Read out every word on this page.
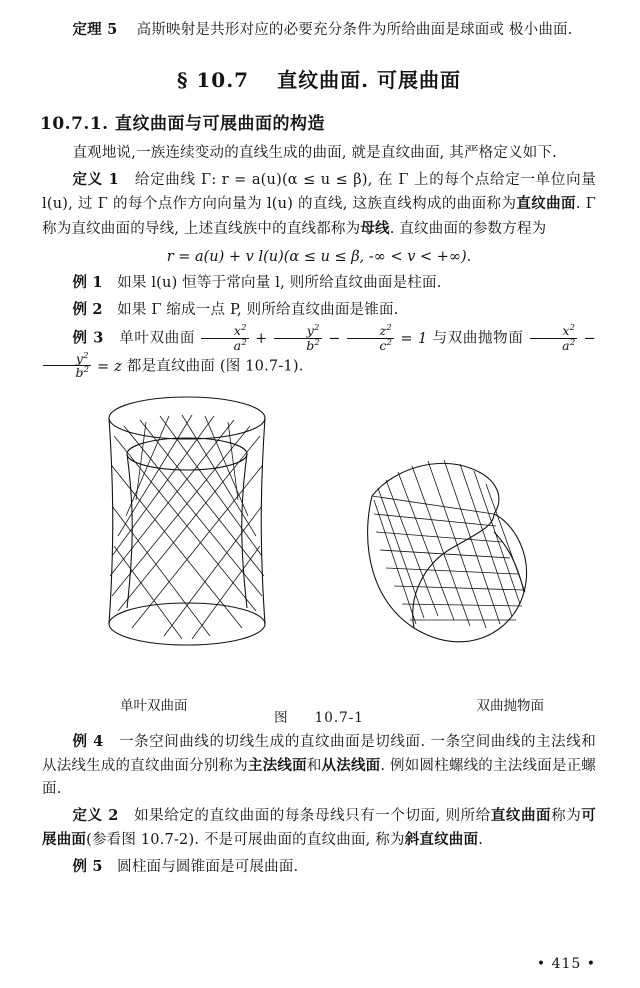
定理 5 高斯映射是共形对应的必要充分条件为所给曲面是球面或 极小曲面.

§ 10.7 直纹曲面. 可展曲面
10.7.1. 直纹曲面与可展曲面的构造

直观地说,一族连续变动的直线生成的曲面, 就是直纹曲面, 其严格定义如下.

定义 1 给定曲线 Γ: r = a(u)(α ≤ u ≤ β), 在 Γ 上的每个点给定一单位向量 l(u), 过 Γ 的每个点作方向向量为 l(u) 的直线, 这族直线构成的曲面称为直纹曲面. Γ 称为直纹曲面的导线, 上述直线族中的直线都称为母线. 直纹曲面的参数方程为

r = a(u) + v l(u)(α ≤ u ≤ β, -∞ < v < +∞).

例 1 如果 l(u) 恒等于常向量 l, 则所给直纹曲面是柱面.

例 2 如果 Γ 缩成一点 P, 则所给直纹曲面是锥面.

例 3 单叶双曲面 $\frac{x^2}{a^2} + \frac{y^2}{b^2} - \frac{z^2}{c^2} = 1$ 与双曲抛物面 $\frac{x^2}{a^2}$ −
$\frac{y^2}{b^2} = z$ 都是直纹曲面 (图 10.7-1).

单叶双曲面	双曲抛物面
图 10.7-1

例 4 一条空间曲线的切线生成的直纹曲面是切线面. 一条空间曲线的主法线和从法线生成的直纹曲面分别称为主法线面和从法线面. 例如圆柱螺线的主法线面是正螺面.

定义 2 如果给定的直纹曲面的每条母线只有一个切面, 则所给直纹曲面称为可展曲面(参看图 10.7-2). 不是可展曲面的直纹曲面, 称为斜直纹曲面.

例 5 圆柱面与圆锥面是可展曲面.

• 415 •
